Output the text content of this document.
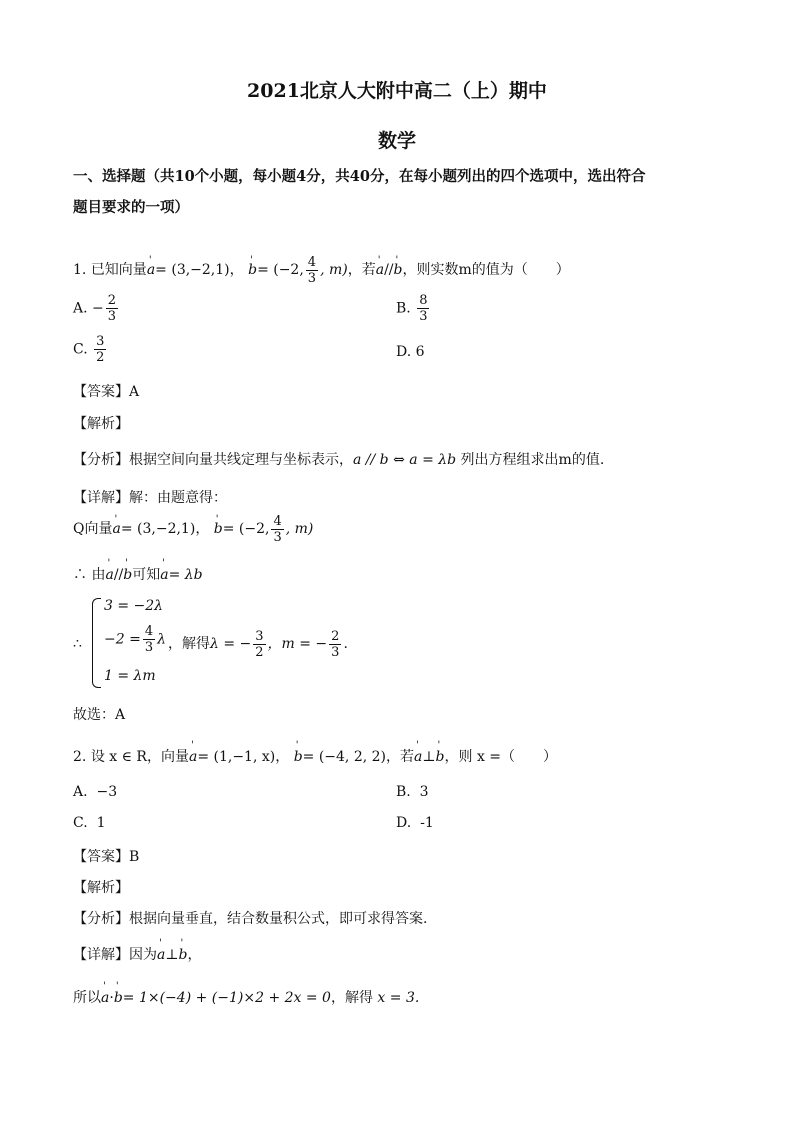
2021北京人大附中高二（上）期中
数学
一、选择题（共10个小题，每小题4分，共40分，在每小题列出的四个选项中，选出符合
题目要求的一项）
1. 已知向量' a= (3,−2,1)， ' b= (−2, $\frac{4}{3}$ , m)，若' a//' b，则实数m的值为（　　）
A. − $\frac{2}{3}$	B. $\frac{8}{3}$
C. $\frac{3}{2}$	D. 6
【答案】A
【解析】
【分析】根据空间向量共线定理与坐标表示，a // b ⇔ a = λb 列出方程组求出m的值.
【详解】解：由题意得：
Q向量' a= (3,−2,1)， ' b= (−2, $\frac{4}{3}$ , m)
∴ 由' a//' b可知' a= λb
∴
3 = −2λ
$-2 = \frac{4}{3}$ λ
1 = λm
，解得λ = − $\frac{3}{2}$ ，m = − $\frac{2}{3}$ .
故选：A
2. 设 x ∈ R，向量' a= (1,−1, x)， ' b= (−4, 2, 2)，若' a⊥' b，则 x =（　　）
A. −3	B. 3
C. 1	D. -1
【答案】B
【解析】
【分析】根据向量垂直，结合数量积公式，即可求得答案.
【详解】因为' a⊥' b，
所以' a·' b= 1×(−4) + (−1)×2 + 2x = 0，解得 x = 3.
